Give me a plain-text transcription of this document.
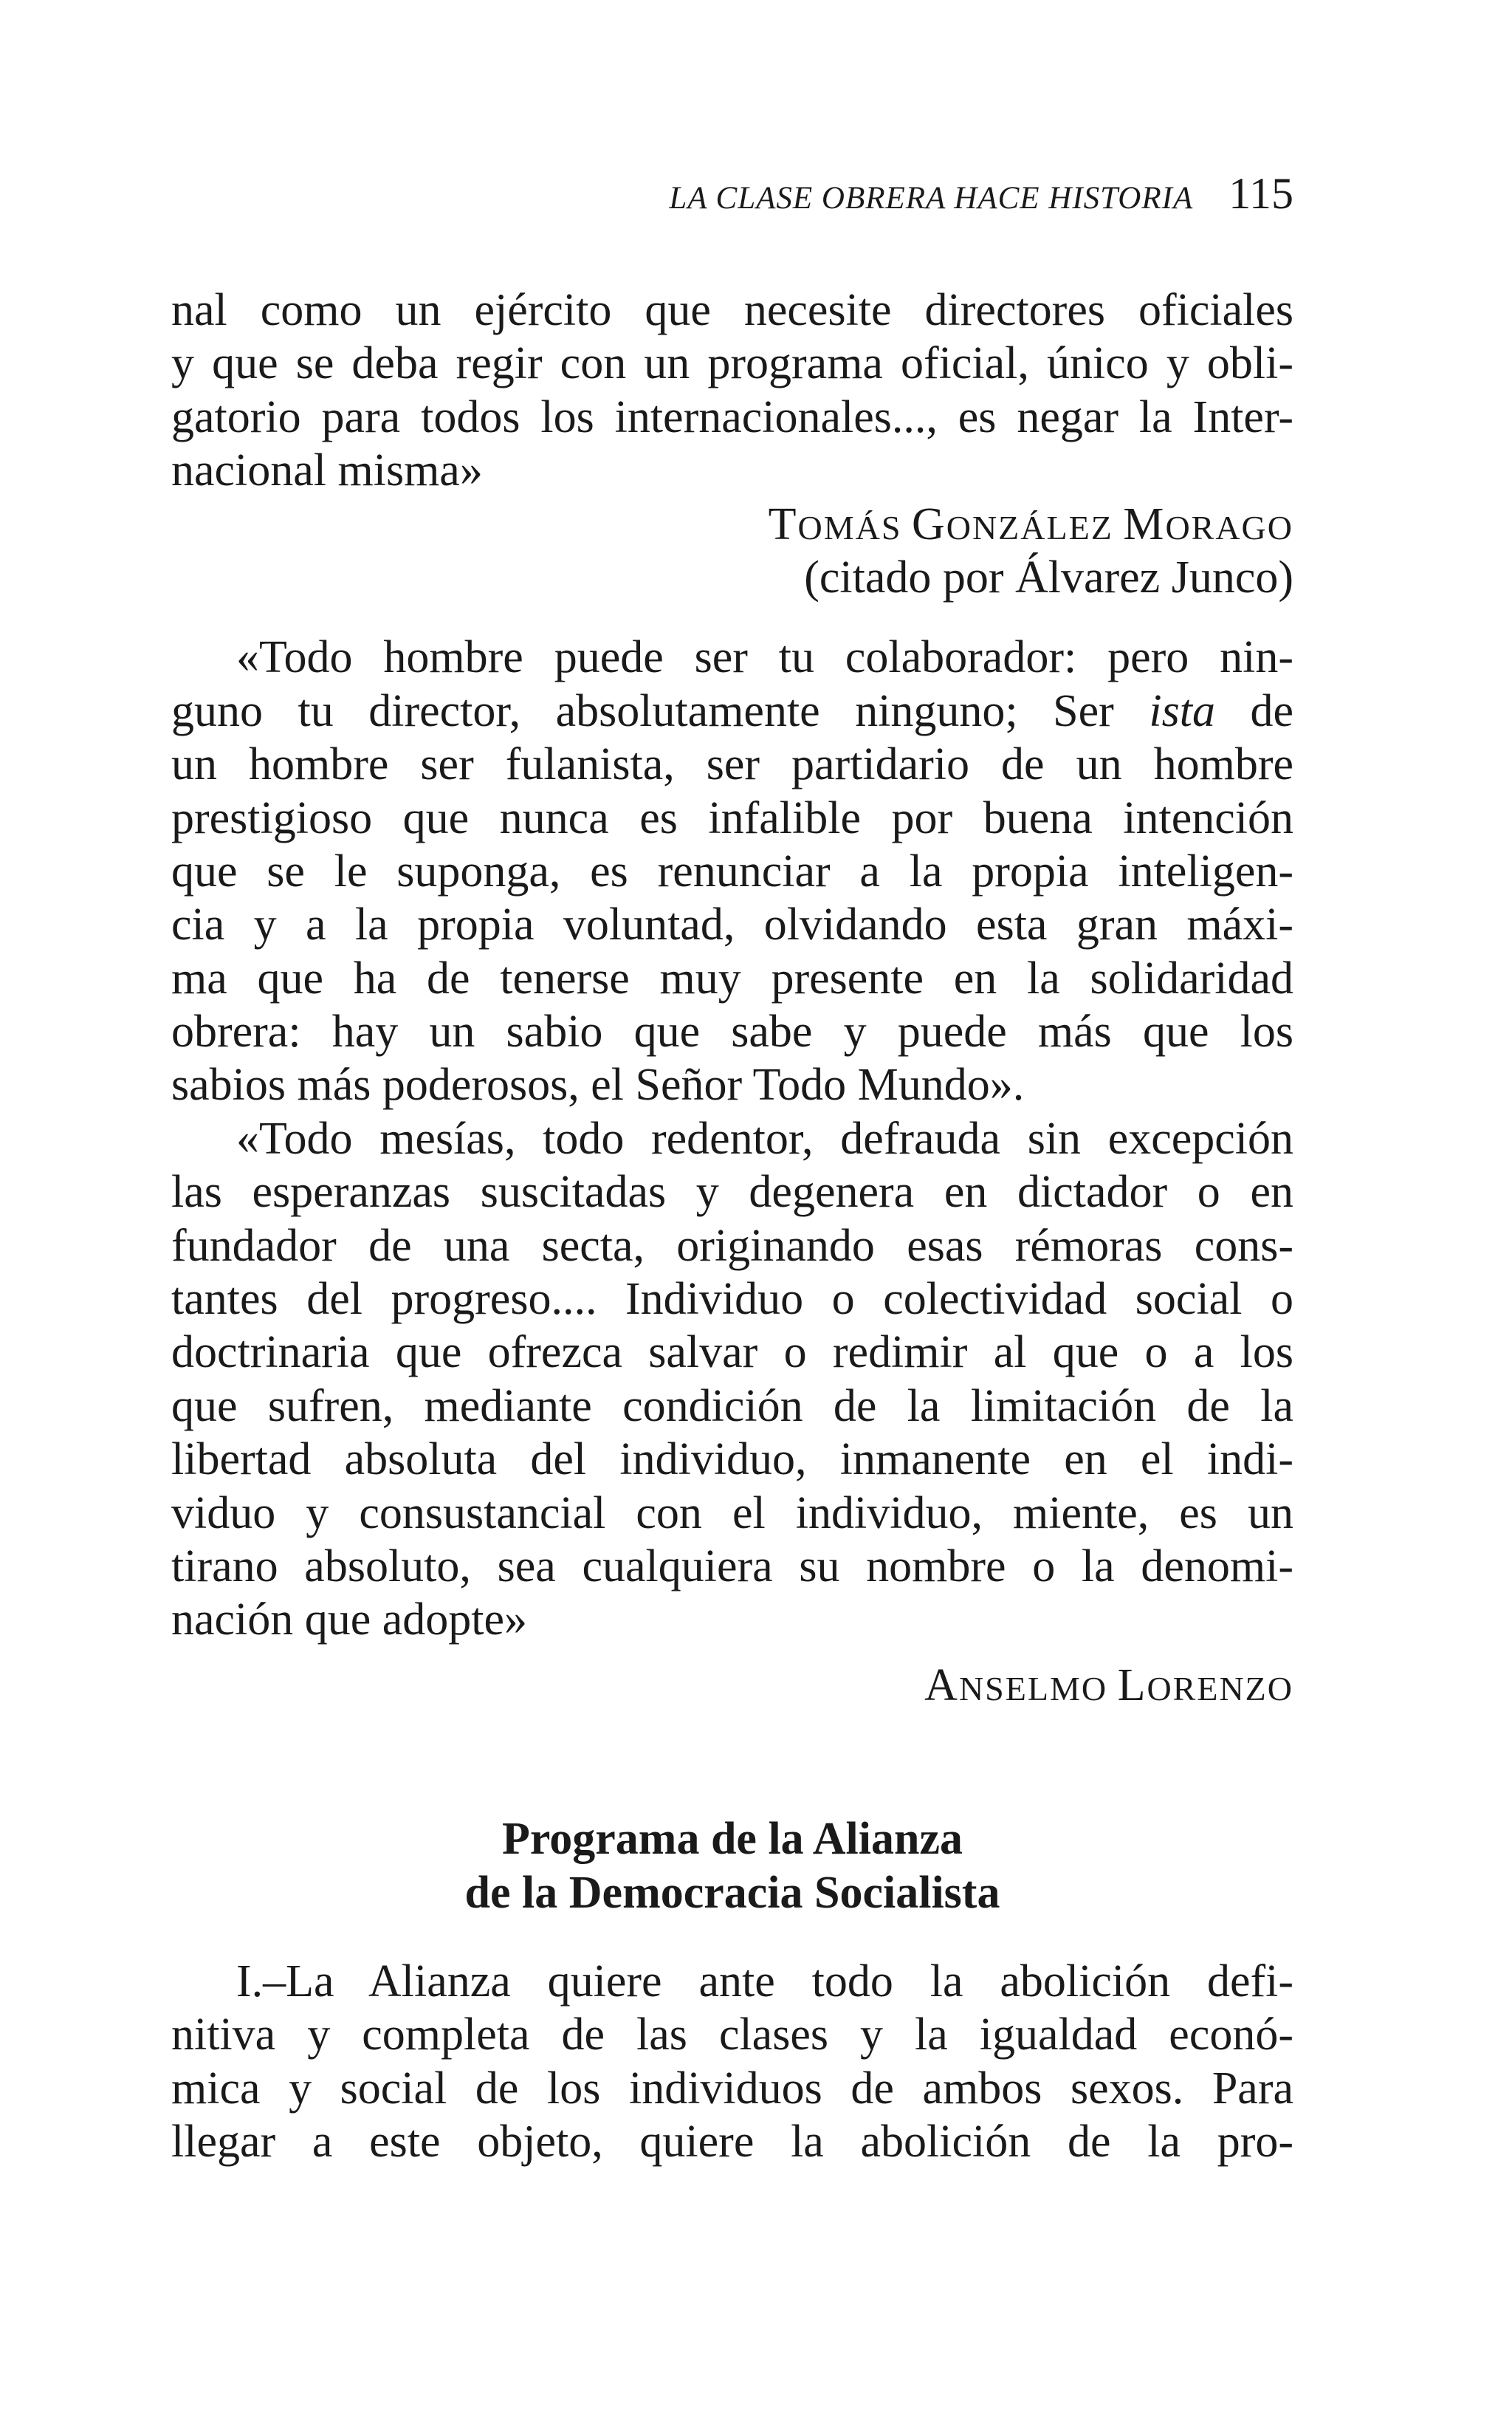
LA CLASE OBRERA HACE HISTORIA 115
nal como un ejército que necesite directores oficiales
y que se deba regir con un programa oficial, único y obli-
gatorio para todos los internacionales..., es negar la Inter-
nacional misma»
TOMÁS GONZÁLEZ MORAGO
(citado por Álvarez Junco)
«Todo hombre puede ser tu colaborador: pero nin-
guno tu director, absolutamente ninguno; Ser ista de
un hombre ser fulanista, ser partidario de un hombre
prestigioso que nunca es infalible por buena intención
que se le suponga, es renunciar a la propia inteligen-
cia y a la propia voluntad, olvidando esta gran máxi-
ma que ha de tenerse muy presente en la solidaridad
obrera: hay un sabio que sabe y puede más que los
sabios más poderosos, el Señor Todo Mundo».
«Todo mesías, todo redentor, defrauda sin excepción
las esperanzas suscitadas y degenera en dictador o en
fundador de una secta, originando esas rémoras cons-
tantes del progreso.... Individuo o colectividad social o
doctrinaria que ofrezca salvar o redimir al que o a los
que sufren, mediante condición de la limitación de la
libertad absoluta del individuo, inmanente en el indi-
viduo y consustancial con el individuo, miente, es un
tirano absoluto, sea cualquiera su nombre o la denomi-
nación que adopte»
ANSELMO LORENZO
Programa de la Alianza
de la Democracia Socialista
I.–La Alianza quiere ante todo la abolición defi-
nitiva y completa de las clases y la igualdad econó-
mica y social de los individuos de ambos sexos. Para
llegar a este objeto, quiere la abolición de la pro-
